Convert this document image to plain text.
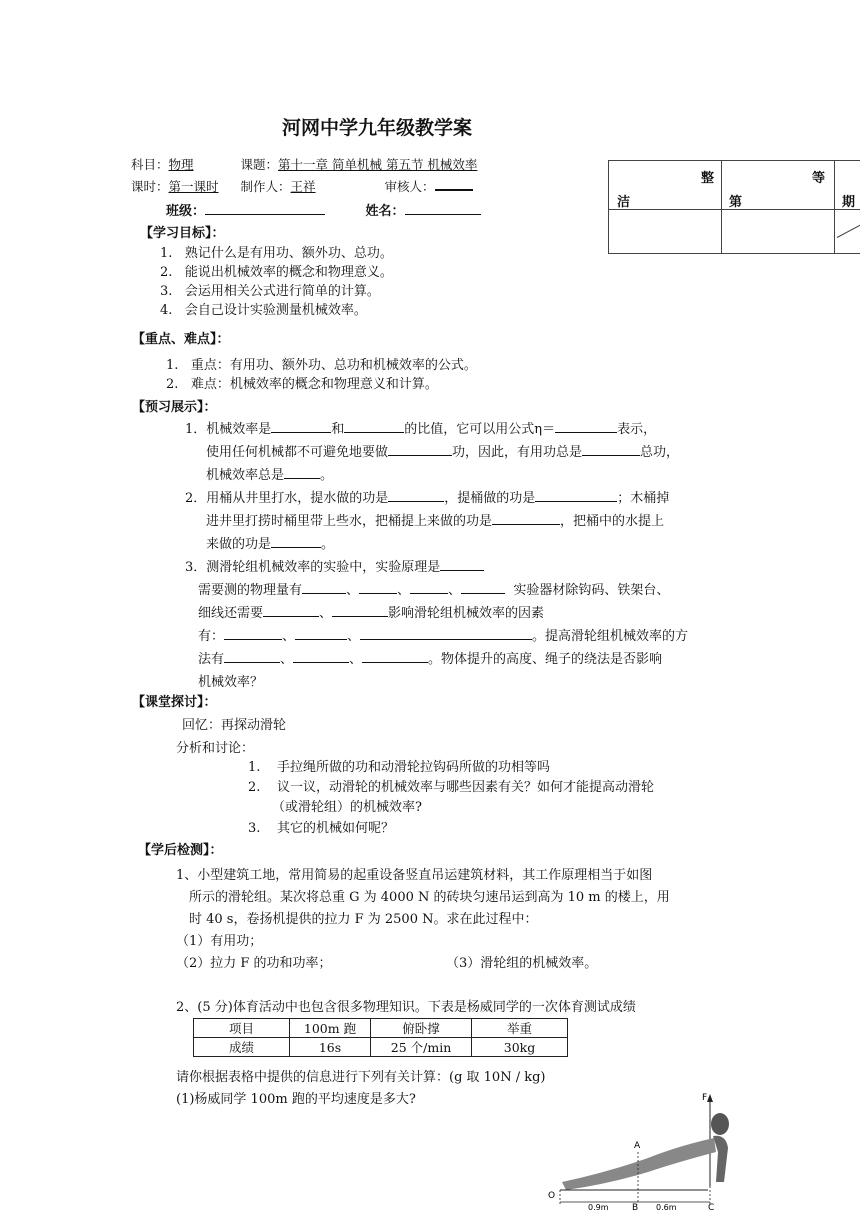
河网中学九年级教学案
科目：物理	课题：第十一章 简单机械 第五节 机械效率
课时：第一课时 制作人：王祥	审核人：
班级：	姓名：
整	等
洁	第	期
【学习目标】：
1.   熟记什么是有用功、额外功、总功。
2.   能说出机械效率的概念和物理意义。
3.   会运用相关公式进行简单的计算。
4.   会自己设计实验测量机械效率。
【重点、难点】：
1.   重点：有用功、额外功、总功和机械效率的公式。
2.   难点：机械效率的概念和物理意义和计算。
【预习展示】：
1．机械效率是	和	的比值，它可以用公式η＝	表示，
使用任何机械都不可避免地要做	功，因此，有用功总是	总功，
机械效率总是	。
2．用桶从井里打水，提水做的功是	，提桶做的功是	；木桶掉
进井里打捞时桶里带上些水，把桶提上来做的功是	，把桶中的水提上
来做的功是	。
3．测滑轮组机械效率的实验中，实验原理是
需要测的物理量有	、	、	、	实验器材除钩码、铁架台、
细线还需要	、	影响滑轮组机械效率的因素
有：	、	、	。提高滑轮组机械效率的方
法有	、	、	。物体提升的高度、绳子的绕法是否影响
机械效率？
【课堂探讨】：
回忆：再探动滑轮
分析和讨论：
1.    手拉绳所做的功和动滑轮拉钩码所做的功相等吗
2.    议一议，动滑轮的机械效率与哪些因素有关？如何才能提高动滑轮
（或滑轮组）的机械效率?
3.    其它的机械如何呢？
【学后检测】：
1、小型建筑工地，常用简易的起重设备竖直吊运建筑材料，其工作原理相当于如图
所示的滑轮组。某次将总重 G 为 4000 N 的砖块匀速吊运到高为 10 m 的楼上，用
时 40 s，卷扬机提供的拉力 F 为 2500 N。求在此过程中：
（1）有用功；
（2）拉力 F 的功和功率；	（3）滑轮组的机械效率。
2、(5 分)体育活动中也包含很多物理知识。下表是杨威同学的一次体育测试成绩
项目	100m 跑	俯卧撑	举重
成绩	16s	25 个/min	30kg
请你根据表格中提供的信息进行下列有关计算：(g 取 10N / kg)
(1)杨威同学 100m 跑的平均速度是多大?	F
A
O
B	C
0.9m	0.6m
